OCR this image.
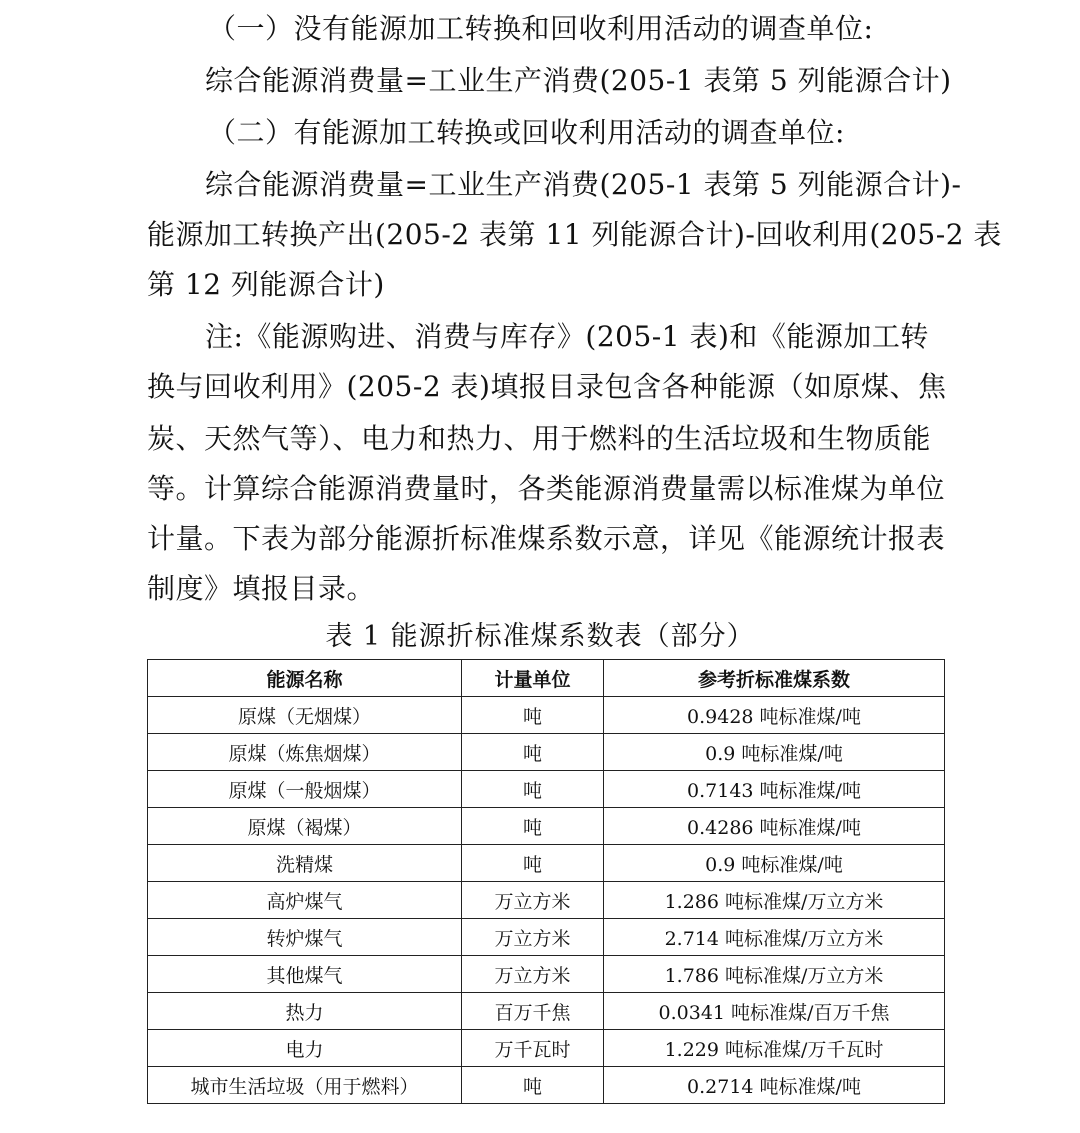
（一）没有能源加工转换和回收利用活动的调查单位:
综合能源消费量=工业生产消费(205-1 表第 5 列能源合计)
（二）有能源加工转换或回收利用活动的调查单位:
综合能源消费量=工业生产消费(205-1 表第 5 列能源合计)-
能源加工转换产出(205-2 表第 11 列能源合计)-回收利用(205-2 表
第 12 列能源合计)
注:《能源购进、消费与库存》(205-1 表)和《能源加工转
换与回收利用》(205-2 表)填报目录包含各种能源（如原煤、焦
炭、天然气等）、电力和热力、用于燃料的生活垃圾和生物质能
等。计算综合能源消费量时，各类能源消费量需以标准煤为单位
计量。下表为部分能源折标准煤系数示意，详见《能源统计报表
制度》填报目录。
表 1 能源折标准煤系数表（部分）
能源名称	计量单位	参考折标准煤系数
原煤（无烟煤）	吨	0.9428 吨标准煤/吨
原煤（炼焦烟煤）	吨	0.9 吨标准煤/吨
原煤（一般烟煤）	吨	0.7143 吨标准煤/吨
原煤（褐煤）	吨	0.4286 吨标准煤/吨
洗精煤	吨	0.9 吨标准煤/吨
高炉煤气	万立方米	1.286 吨标准煤/万立方米
转炉煤气	万立方米	2.714 吨标准煤/万立方米
其他煤气	万立方米	1.786 吨标准煤/万立方米
热力	百万千焦	0.0341 吨标准煤/百万千焦
电力	万千瓦时	1.229 吨标准煤/万千瓦时
城市生活垃圾（用于燃料）	吨	0.2714 吨标准煤/吨
